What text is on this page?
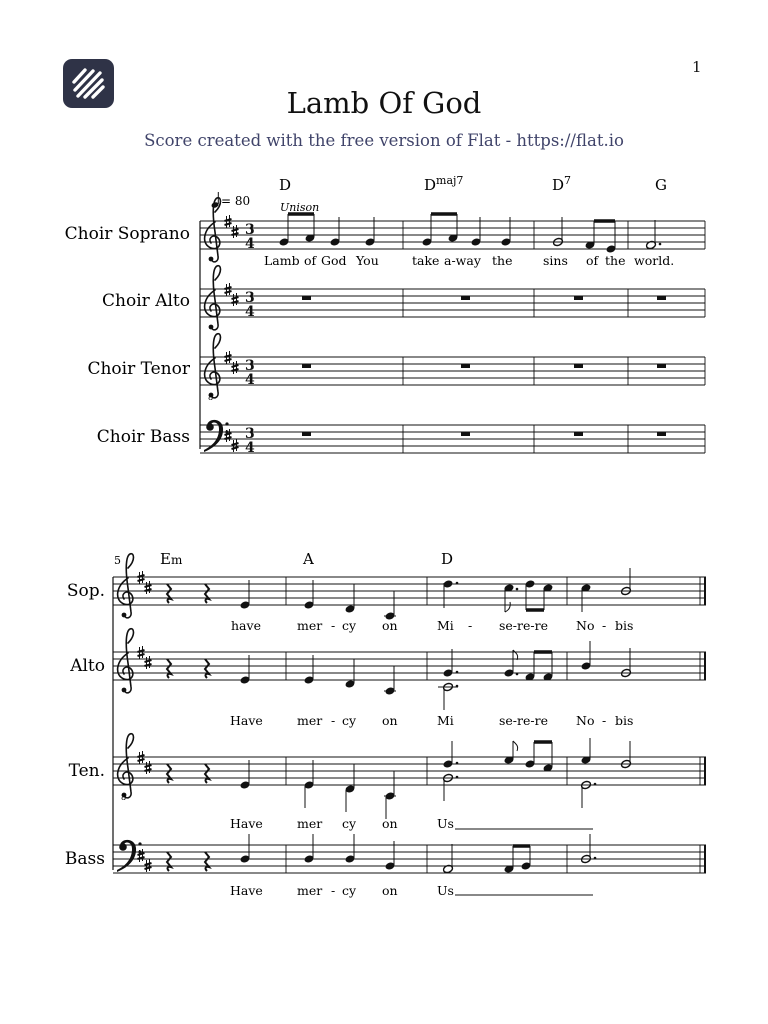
1
Lamb Of God
Score created with the free version of Flat - https://flat.io
Choir Soprano
Choir Alto
Choir Tenor
Choir Bass
= 80	Unison
D	$D^{maj7}$	$D^7$	G
8
3
4
3
4
3
4
3
4
Lamb of God You	take a-way the sins of the world.
5	Em	A	D
Sop.
Alto
Ten.
Bass
8
have	mer - cy on	Mi - se-re-re No - bis
Have	mer - cy on	Mi	se-re-re No - bis
Have	mer cy on	Us
Have	mer - cy on	Us
